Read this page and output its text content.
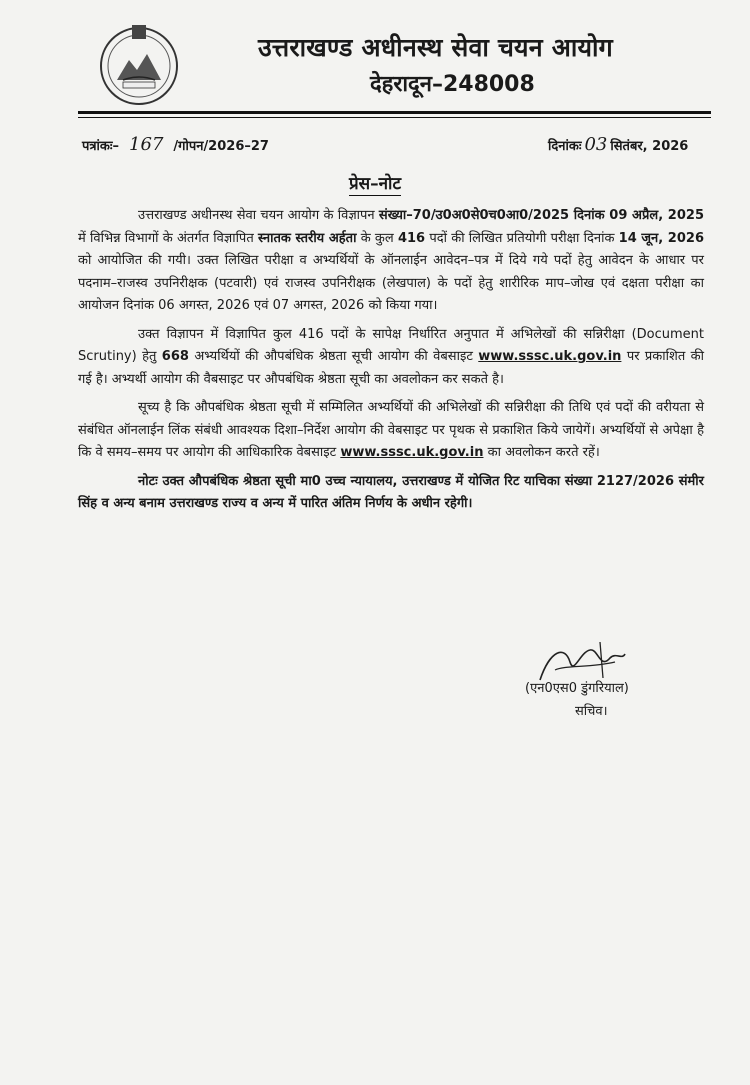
उत्तराखण्ड अधीनस्थ सेवा चयन आयोग
देहरादून–248008
पत्रांकः– 167 /गोपन/2026–27	दिनांकः 03 सितंबर, 2026
प्रेस–नोट

उत्तराखण्ड अधीनस्थ सेवा चयन आयोग के विज्ञापन संख्या–70/उ0अ0से0च0आ0/2025 दिनांक 09 अप्रैल, 2025 में विभिन्न विभागों के अंतर्गत विज्ञापित स्नातक स्तरीय अर्हता के कुल 416 पदों की लिखित प्रतियोगी परीक्षा दिनांक 14 जून, 2026 को आयोजित की गयी। उक्त लिखित परीक्षा व अभ्यर्थियों के ऑनलाईन आवेदन–पत्र में दिये गये पदों हेतु आवेदन के आधार पर पदनाम–राजस्व उपनिरीक्षक (पटवारी) एवं राजस्व उपनिरीक्षक (लेखपाल) के पदों हेतु शारीरिक माप–जोख एवं दक्षता परीक्षा का आयोजन दिनांक 06 अगस्त, 2026 एवं 07 अगस्त, 2026 को किया गया।

उक्त विज्ञापन में विज्ञापित कुल 416 पदों के सापेक्ष निर्धारित अनुपात में अभिलेखों की सन्निरीक्षा (Document Scrutiny) हेतु 668 अभ्यर्थियों की औपबंधिक श्रेष्ठता सूची आयोग की वेबसाइट www.sssc.uk.gov.in पर प्रकाशित की गई है। अभ्यर्थी आयोग की वैबसाइट पर औपबंधिक श्रेष्ठता सूची का अवलोकन कर सकते है।

सूच्य है कि औपबंधिक श्रेष्ठता सूची में सम्मिलित अभ्यर्थियों की अभिलेखों की सन्निरीक्षा की तिथि एवं पदों की वरीयता से संबंधित ऑनलाईन लिंक संबंधी आवश्यक दिशा–निर्देश आयोग की वेबसाइट पर पृथक से प्रकाशित किये जायेगें। अभ्यर्थियों से अपेक्षा है कि वे समय–समय पर आयोग की आधिकारिक वेबसाइट www.sssc.uk.gov.in का अवलोकन करते रहें।

नोटः उक्त औपबंधिक श्रेष्ठता सूची मा0 उच्च न्यायालय, उत्तराखण्ड में योजित रिट याचिका संख्या 2127/2026 संमीर सिंह व अन्य बनाम उत्तराखण्ड राज्य व अन्य में पारित अंतिम निर्णय के अधीन रहेगी।

(एन0एस0 डुंगरियाल)
सचिव।
